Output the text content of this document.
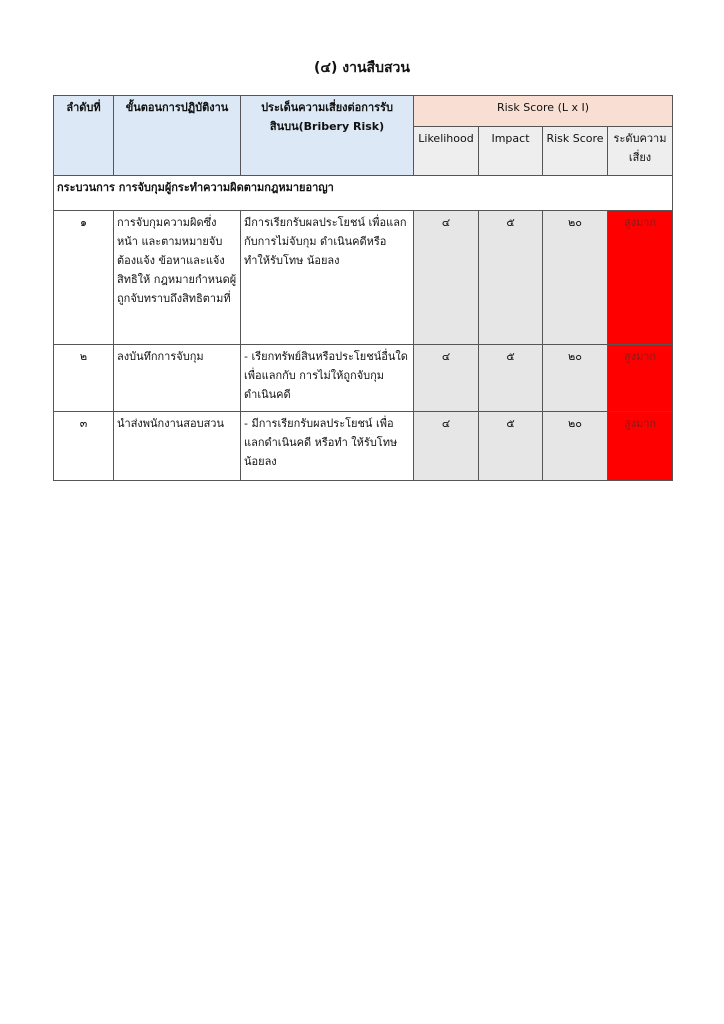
(๔) งานสืบสวน
ลำดับที่	ขั้นตอนการปฏิบัติงาน	ประเด็นความเสี่ยงต่อการรับสินบน(Bribery Risk)	Risk Score (L x I)			
			Likelihood	Impact	Risk Score	ระดับความเสี่ยง
กระบวนการ การจับกุมผู้กระทำความผิดตามกฎหมายอาญา						
๑	การจับกุมความผิดซึ่งหน้า และตามหมายจับต้องแจ้ง ข้อหาและแจ้งสิทธิให้ กฎหมายกำหนดผู้ถูกจับทราบถึงสิทธิตามที่	มีการเรียกรับผลประโยชน์ เพื่อแลกกับการไม่จับกุม ดำเนินคดีหรือทำให้รับโทษ น้อยลง	๔	๕	๒๐	สูงมาก
๒	ลงบันทึกการจับกุม	- เรียกทรัพย์สินหรือประโยชน์อื่นใดเพื่อแลกกับ การไม่ให้ถูกจับกุมดำเนินคดี	๔	๕	๒๐	สูงมาก
๓	นำส่งพนักงานสอบสวน	- มีการเรียกรับผลประโยชน์ เพื่อแลกดำเนินคดี หรือทำ ให้รับโทษน้อยลง	๔	๕	๒๐	สูงมาก
